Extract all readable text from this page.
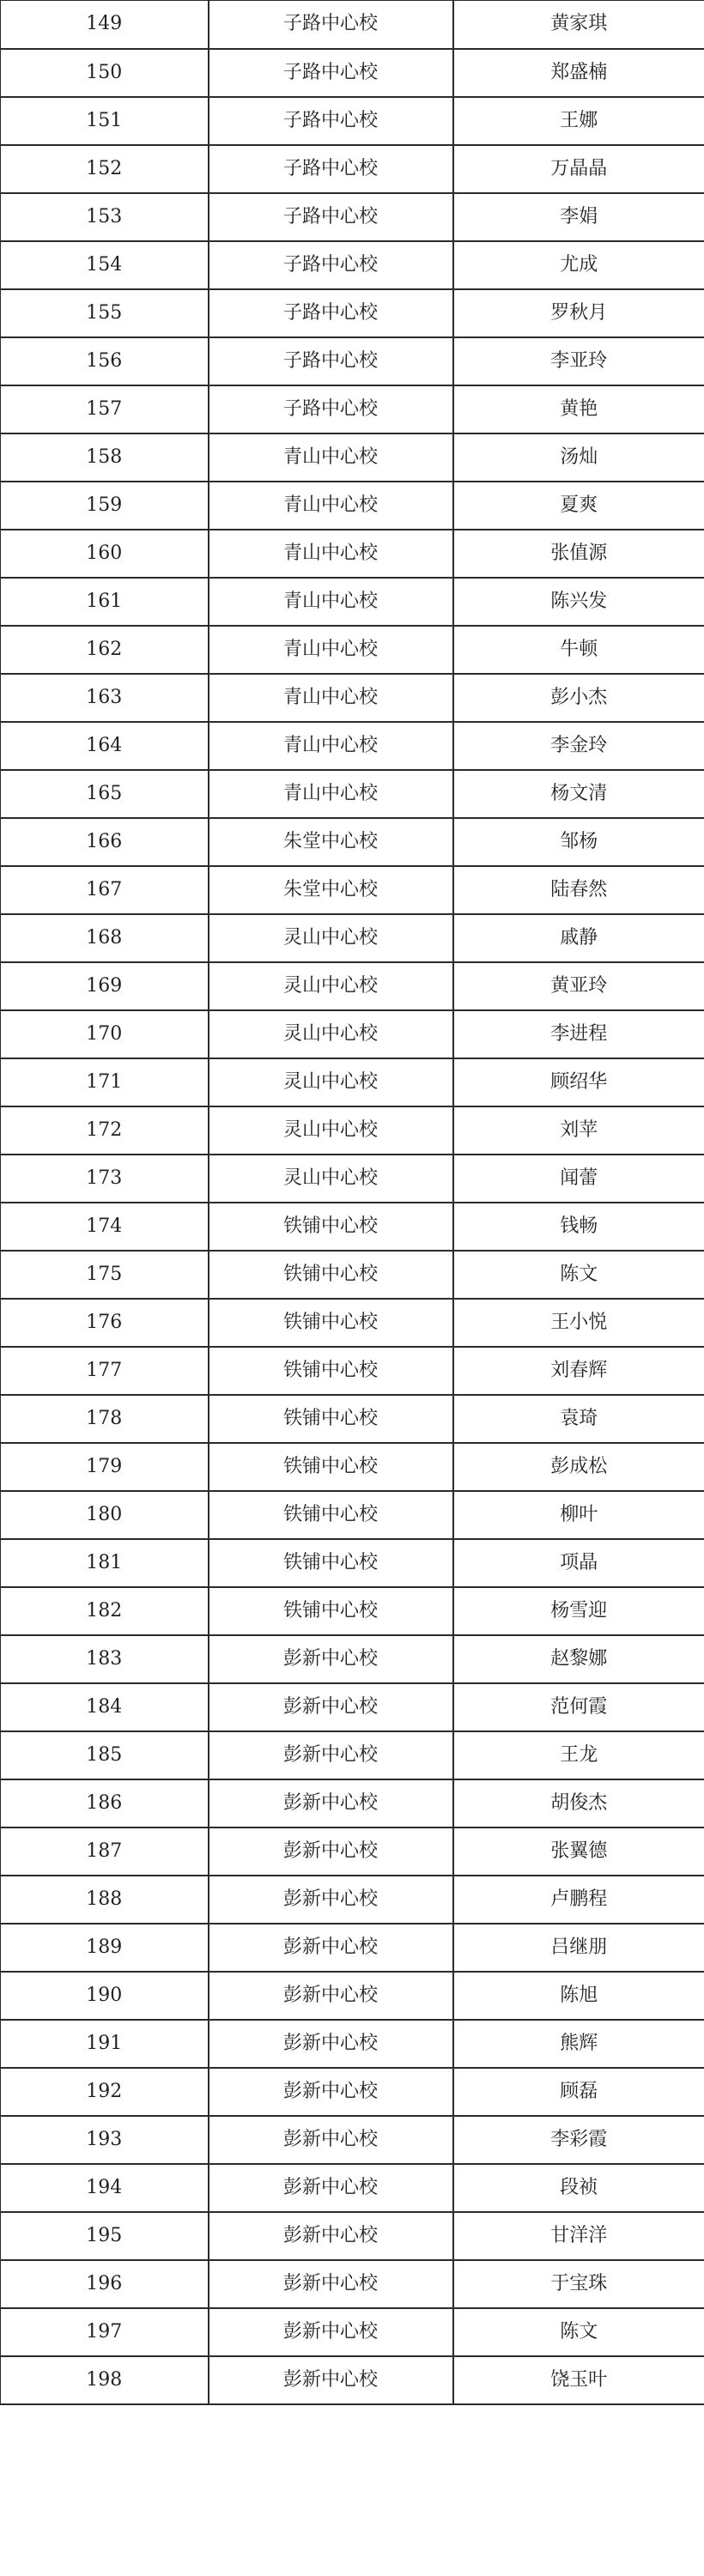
149	子路中心校	黄家琪
150	子路中心校	郑盛楠
151	子路中心校	王娜
152	子路中心校	万晶晶
153	子路中心校	李娟
154	子路中心校	尤成
155	子路中心校	罗秋月
156	子路中心校	李亚玲
157	子路中心校	黄艳
158	青山中心校	汤灿
159	青山中心校	夏爽
160	青山中心校	张值源
161	青山中心校	陈兴发
162	青山中心校	牛顿
163	青山中心校	彭小杰
164	青山中心校	李金玲
165	青山中心校	杨文清
166	朱堂中心校	邹杨
167	朱堂中心校	陆春然
168	灵山中心校	戚静
169	灵山中心校	黄亚玲
170	灵山中心校	李进程
171	灵山中心校	顾绍华
172	灵山中心校	刘苹
173	灵山中心校	闻蕾
174	铁铺中心校	钱畅
175	铁铺中心校	陈文
176	铁铺中心校	王小悦
177	铁铺中心校	刘春辉
178	铁铺中心校	袁琦
179	铁铺中心校	彭成松
180	铁铺中心校	柳叶
181	铁铺中心校	项晶
182	铁铺中心校	杨雪迎
183	彭新中心校	赵黎娜
184	彭新中心校	范何霞
185	彭新中心校	王龙
186	彭新中心校	胡俊杰
187	彭新中心校	张翼德
188	彭新中心校	卢鹏程
189	彭新中心校	吕继朋
190	彭新中心校	陈旭
191	彭新中心校	熊辉
192	彭新中心校	顾磊
193	彭新中心校	李彩霞
194	彭新中心校	段祯
195	彭新中心校	甘洋洋
196	彭新中心校	于宝珠
197	彭新中心校	陈文
198	彭新中心校	饶玉叶
